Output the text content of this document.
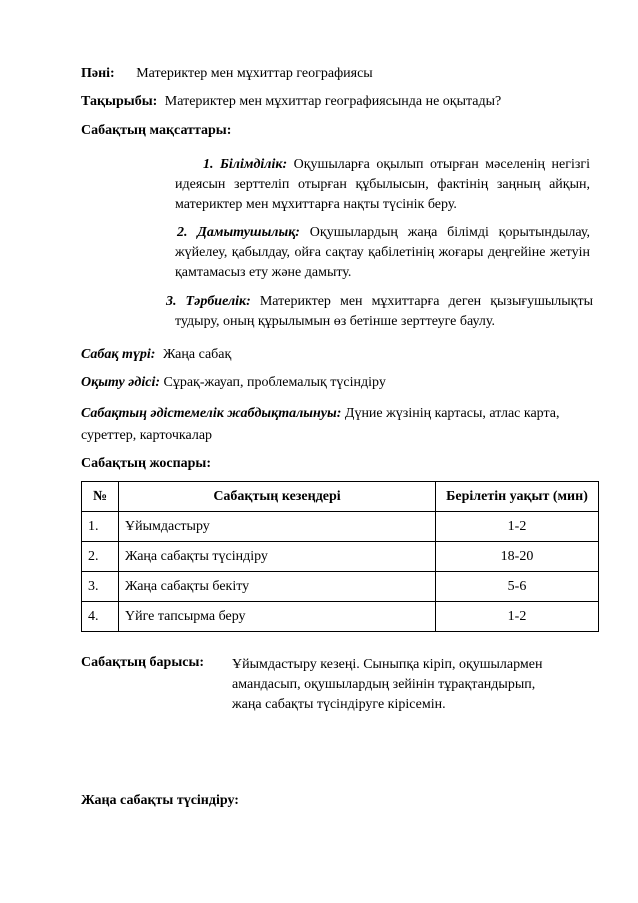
Пәні: Материктер мен мұхиттар географиясы
Тақырыбы: Материктер мен мұхиттар географиясында не оқытады?
Сабақтың мақсаттары:
1. Білімділік: Оқушыларға оқылып отырған мәселенің негізгі идеясын зерттеліп отырған құбылысын, фактінің заңның айқын, материктер мен мұхиттарға нақты түсінік беру.
2. Дамытушылық: Оқушылардың жаңа білімді қорытындылау, жүйелеу, қабылдау, ойға сақтау қабілетінің жоғары деңгейіне жетуін қамтамасыз ету және дамыту.
3. Тәрбиелік: Материктер мен мұхиттарға деген қызығушылықты тудыру, оның құрылымын өз бетінше зерттеуге баулу.
Сабақ түрі: Жаңа сабақ
Оқыту әдісі: Сұрақ-жауап, проблемалық түсіндіру
Сабақтың әдістемелік жабдықталынуы: Дүние жүзінің картасы, атлас карта, суреттер, карточкалар
Сабақтың жоспары:
№	Сабақтың кезеңдері	Берілетін уақыт (мин)
1.	Ұйымдастыру	1-2
2.	Жаңа сабақты түсіндіру	18-20
3.	Жаңа сабақты бекіту	5-6
4.	Үйге тапсырма беру	1-2
Сабақтың барысы: Ұйымдастыру кезеңі. Сыныпқа кіріп, оқушылармен
амандасып, оқушылардың зейінін тұрақтандырып,
жаңа сабақты түсіндіруге кірісемін.
Жаңа сабақты түсіндіру:
